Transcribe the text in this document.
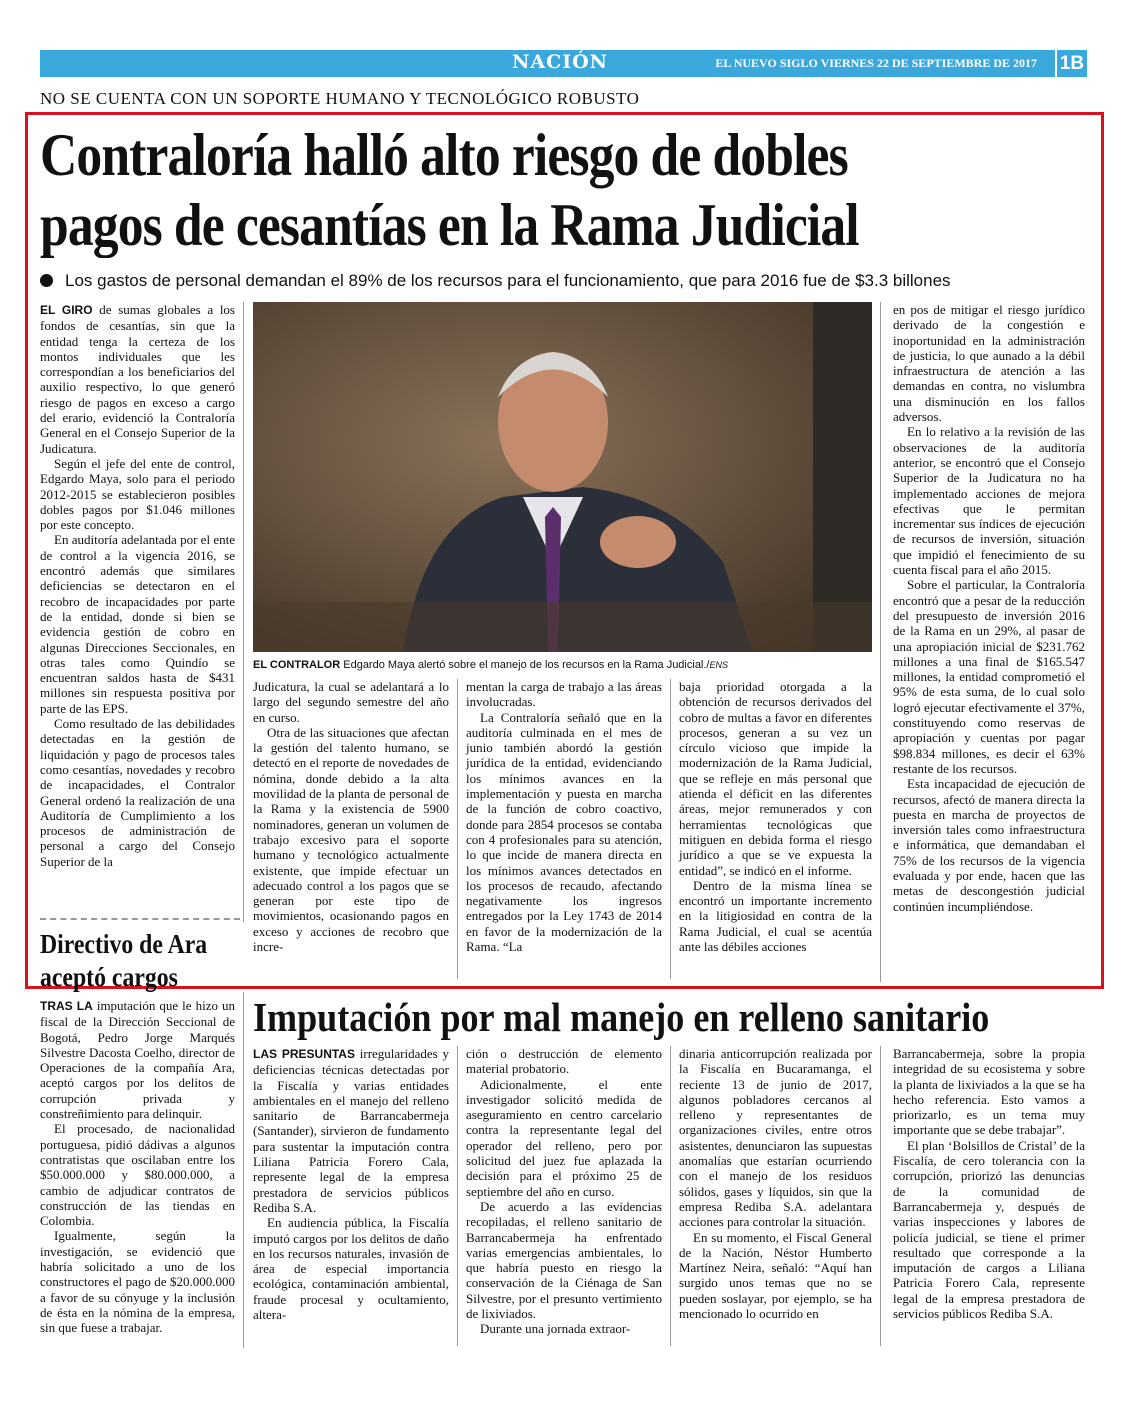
NACIÓN	EL NUEVO SIGLO VIERNES 22 DE SEPTIEMBRE DE 2017 1B
NO SE CUENTA CON UN SOPORTE HUMANO Y TECNOLÓGICO ROBUSTO
Contraloría halló alto riesgo de dobles
pagos de cesantías en la Rama Judicial
Los gastos de personal demandan el 89% de los recursos para el funcionamiento, que para 2016 fue de $3.3 billones

EL GIRO de sumas globales a los fondos de cesantías, sin que la entidad tenga la certeza de los montos individuales que les correspondían a los beneficiarios del auxilio respectivo, lo que generó riesgo de pagos en exceso a cargo del erario, evidenció la Contraloría General en el Consejo Superior de la Judicatura.

Según el jefe del ente de control, Edgardo Maya, solo para el periodo 2012-2015 se establecieron posibles dobles pagos por $1.046 millones por este concepto.

En auditoría adelantada por el ente de control a la vigencia 2016, se encontró además que similares deficiencias se detectaron en el recobro de incapacidades por parte de la entidad, donde si bien se evidencia gestión de cobro en algunas Direcciones Seccionales, en otras tales como Quindío se encuentran saldos hasta de $431 millones sin respuesta positiva por parte de las EPS.

Como resultado de las debilidades detectadas en la gestión de liquidación y pago de procesos tales como cesantías, novedades y recobro de incapacidades, el Contralor General ordenó la realización de una Auditoría de Cumplimiento a los procesos de administración de personal a cargo del Consejo Superior de la

EL CONTRALOR Edgardo Maya alertó sobre el manejo de los recursos en la Rama Judicial./ENS

Judicatura, la cual se adelantará a lo largo del segundo semestre del año en curso.

Otra de las situaciones que afectan la gestión del talento humano, se detectó en el reporte de novedades de nómina, donde debido a la alta movilidad de la planta de personal de la Rama y la existencia de 5900 nominadores, generan un volumen de trabajo excesivo para el soporte humano y tecnológico actualmente existente, que impide efectuar un adecuado control a los pagos que se generan por este tipo de movimientos, ocasionando pagos en exceso y acciones de recobro que incre-

mentan la carga de trabajo a las áreas involucradas.

La Contraloría señaló que en la auditoría culminada en el mes de junio también abordó la gestión jurídica de la entidad, evidenciando los mínimos avances en la implementación y puesta en marcha de la función de cobro coactivo, donde para 2854 procesos se contaba con 4 profesionales para su atención, lo que incide de manera directa en los mínimos avances detectados en los procesos de recaudo, afectando negativamente los ingresos entregados por la Ley 1743 de 2014 en favor de la modernización de la Rama. “La

baja prioridad otorgada a la obtención de recursos derivados del cobro de multas a favor en diferentes procesos, generan a su vez un círculo vicioso que impide la modernización de la Rama Judicial, que se refleje en más personal que atienda el déficit en las diferentes áreas, mejor remunerados y con herramientas tecnológicas que mitiguen en debida forma el riesgo jurídico a que se ve expuesta la entidad”, se indicó en el informe.

Dentro de la misma línea se encontró un importante incremento en la litigiosidad en contra de la Rama Judicial, el cual se acentúa ante las débiles acciones

en pos de mitigar el riesgo jurídico derivado de la congestión e inoportunidad en la administración de justicia, lo que aunado a la débil infraestructura de atención a las demandas en contra, no vislumbra una disminución en los fallos adversos.

En lo relativo a la revisión de las observaciones de la auditoría anterior, se encontró que el Consejo Superior de la Judicatura no ha implementado acciones de mejora efectivas que le permitan incrementar sus índices de ejecución de recursos de inversión, situación que impidió el fenecimiento de su cuenta fiscal para el año 2015.

Sobre el particular, la Contraloría encontró que a pesar de la reducción del presupuesto de inversión 2016 de la Rama en un 29%, al pasar de una apropiación inicial de $231.762 millones a una final de $165.547 millones, la entidad comprometió el 95% de esta suma, de lo cual solo logró ejecutar efectivamente el 37%, constituyendo como reservas de apropiación y cuentas por pagar $98.834 millones, es decir el 63% restante de los recursos.

Esta incapacidad de ejecución de recursos, afectó de manera directa la puesta en marcha de proyectos de inversión tales como infraestructura e informática, que demandaban el 75% de los recursos de la vigencia evaluada y por ende, hacen que las metas de descongestión judicial continúen incumpliéndose.

Directivo de Ara
aceptó cargos

TRAS LA imputación que le hizo un fiscal de la Dirección Seccional de Bogotá, Pedro Jorge Marqués Silvestre Dacosta Coelho, director de Operaciones de la compañía Ara, aceptó cargos por los delitos de corrupción privada y constreñimiento para delinquir.

El procesado, de nacionalidad portuguesa, pidió dádivas a algunos contratistas que oscilaban entre los $50.000.000 y $80.000.000, a cambio de adjudicar contratos de construcción de las tiendas en Colombia.

Igualmente, según la investigación, se evidenció que habría solicitado a uno de los constructores el pago de $20.000.000 a favor de su cónyuge y la inclusión de ésta en la nómina de la empresa, sin que fuese a trabajar.

Imputación por mal manejo en relleno sanitario

LAS PRESUNTAS irregularidades y deficiencias técnicas detectadas por la Fiscalía y varias entidades ambientales en el manejo del relleno sanitario de Barrancabermeja (Santander), sirvieron de fundamento para sustentar la imputación contra Liliana Patricia Forero Cala, represente legal de la empresa prestadora de servicios públicos Rediba S.A.

En audiencia pública, la Fiscalía imputó cargos por los delitos de daño en los recursos naturales, invasión de área de especial importancia ecológica, contaminación ambiental, fraude procesal y ocultamiento, altera-

ción o destrucción de elemento material probatorio.

Adicionalmente, el ente investigador solicitó medida de aseguramiento en centro carcelario contra la representante legal del operador del relleno, pero por solicitud del juez fue aplazada la decisión para el próximo 25 de septiembre del año en curso.

De acuerdo a las evidencias recopiladas, el relleno sanitario de Barrancabermeja ha enfrentado varias emergencias ambientales, lo que habría puesto en riesgo la conservación de la Ciénaga de San Silvestre, por el presunto vertimiento de lixiviados.

Durante una jornada extraor-

dinaria anticorrupción realizada por la Fiscalía en Bucaramanga, el reciente 13 de junio de 2017, algunos pobladores cercanos al relleno y representantes de organizaciones civiles, entre otros asistentes, denunciaron las supuestas anomalías que estarían ocurriendo con el manejo de los residuos sólidos, gases y líquidos, sin que la empresa Rediba S.A. adelantara acciones para controlar la situación.

En su momento, el Fiscal General de la Nación, Néstor Humberto Martínez Neira, señaló: “Aquí han surgido unos temas que no se pueden soslayar, por ejemplo, se ha mencionado lo ocurrido en

Barrancabermeja, sobre la propia integridad de su ecosistema y sobre la planta de lixiviados a la que se ha hecho referencia. Esto vamos a priorizarlo, es un tema muy importante que se debe trabajar”.

El plan ‘Bolsillos de Cristal’ de la Fiscalía, de cero tolerancia con la corrupción, priorizó las denuncias de la comunidad de Barrancabermeja y, después de varias inspecciones y labores de policía judicial, se tiene el primer resultado que corresponde a la imputación de cargos a Liliana Patricia Forero Cala, represente legal de la empresa prestadora de servicios públicos Rediba S.A.
